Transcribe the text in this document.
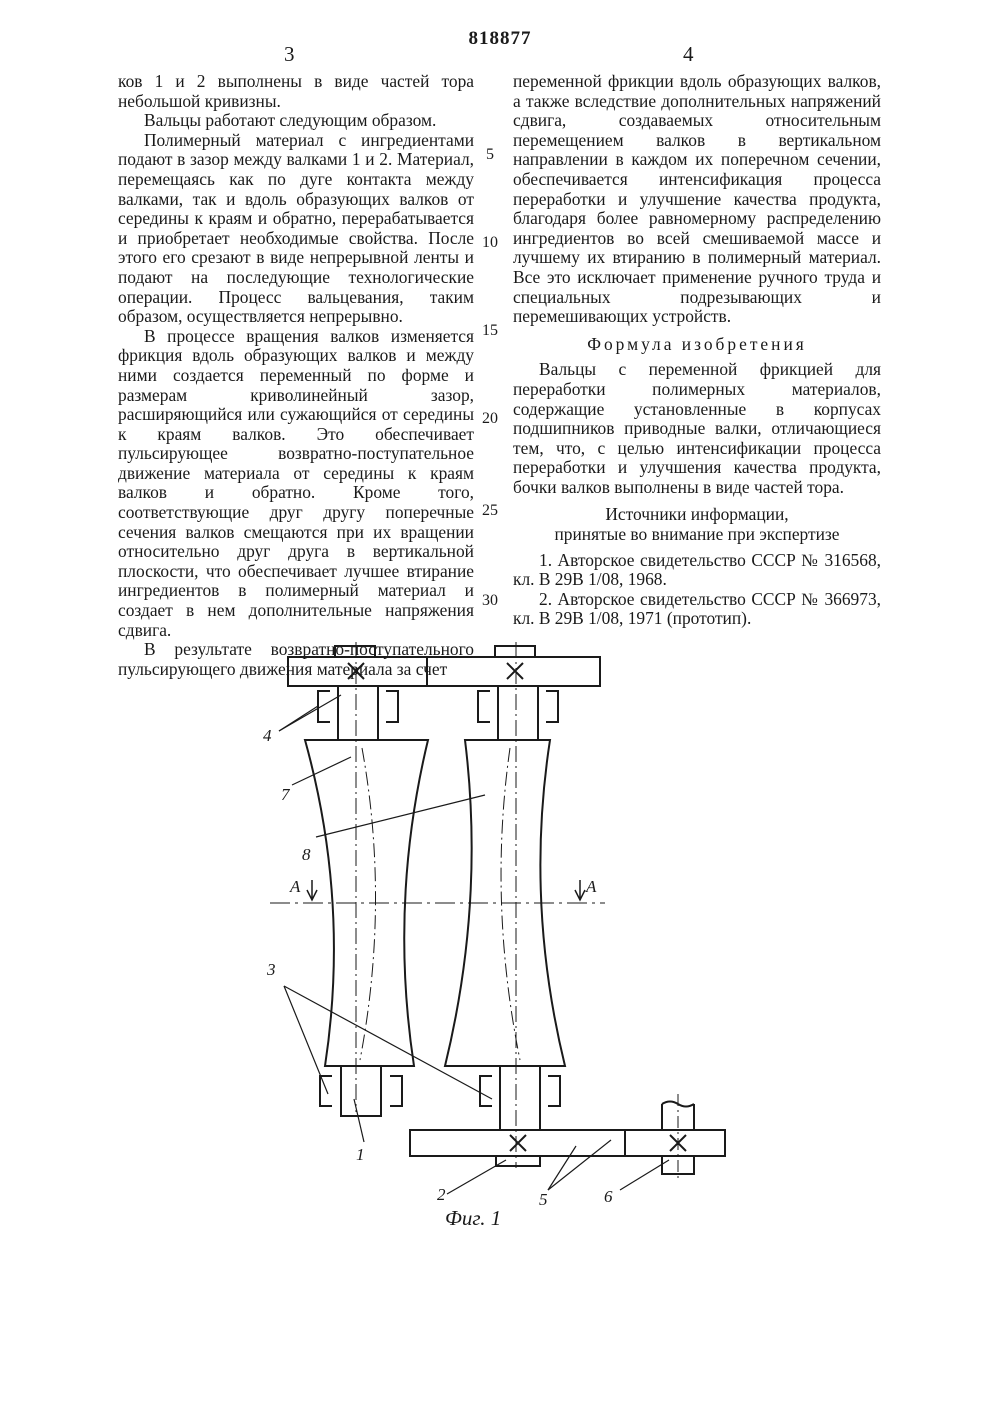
818877
3	4

ков 1 и 2 выполнены в виде частей тора небольшой кривизны.

Вальцы работают следующим образом.

Полимерный материал с ингредиентами подают в зазор между валками 1 и 2. Материал, перемещаясь как по дуге контакта между валками, так и вдоль образующих валков от середины к краям и обратно, перерабатывается и приобретает необходимые свойства. После этого его срезают в виде непрерывной ленты и подают на последующие технологические операции. Процесс вальцевания, таким образом, осуществляется непрерывно.

В процессе вращения валков изменяется фрикция вдоль образующих валков и между ними создается переменный по форме и размерам криволинейный зазор, расширяющийся или сужающийся от середины к краям валков. Это обеспечивает пульсирующее возвратно-поступательное движение материала от середины к краям валков и обратно. Кроме того, соответствующие друг другу поперечные сечения валков смещаются при их вращении относительно друг друга в вертикальной плоскости, что обеспечивает лучшее втирание ингредиентов в полимерный материал и создает в нем дополнительные напряжения сдвига.

В результате возвратно-поступательного пульсирующего движения материала за счет

5
10
15
20
25
30

переменной фрикции вдоль образующих валков, а также вследствие дополнительных напряжений сдвига, создаваемых относительным перемещением валков в вертикальном направлении в каждом их поперечном сечении, обеспечивается интенсификация процесса переработки и улучшение качества продукта, благодаря более равномерному распределению ингредиентов во всей смешиваемой массе и лучшему их втиранию в полимерный материал. Все это исключает применение ручного труда и специальных подрезывающих и перемешивающих устройств.

Формула изобретения

Вальцы с переменной фрикцией для переработки полимерных материалов, содержащие установленные в корпусах подшипников приводные валки, отличающиеся тем, что, с целью интенсификации процесса переработки и улучшения качества продукта, бочки валков выполнены в виде частей тора.

Источники информации,

принятые во внимание при экспертизе

1. Авторское свидетельство СССР № 316568, кл. В 29В 1/08, 1968.

2. Авторское свидетельство СССР № 366973, кл. В 29В 1/08, 1971 (прототип).

4
7
8
А	А
3
1
2	5	6
Фиг. 1
